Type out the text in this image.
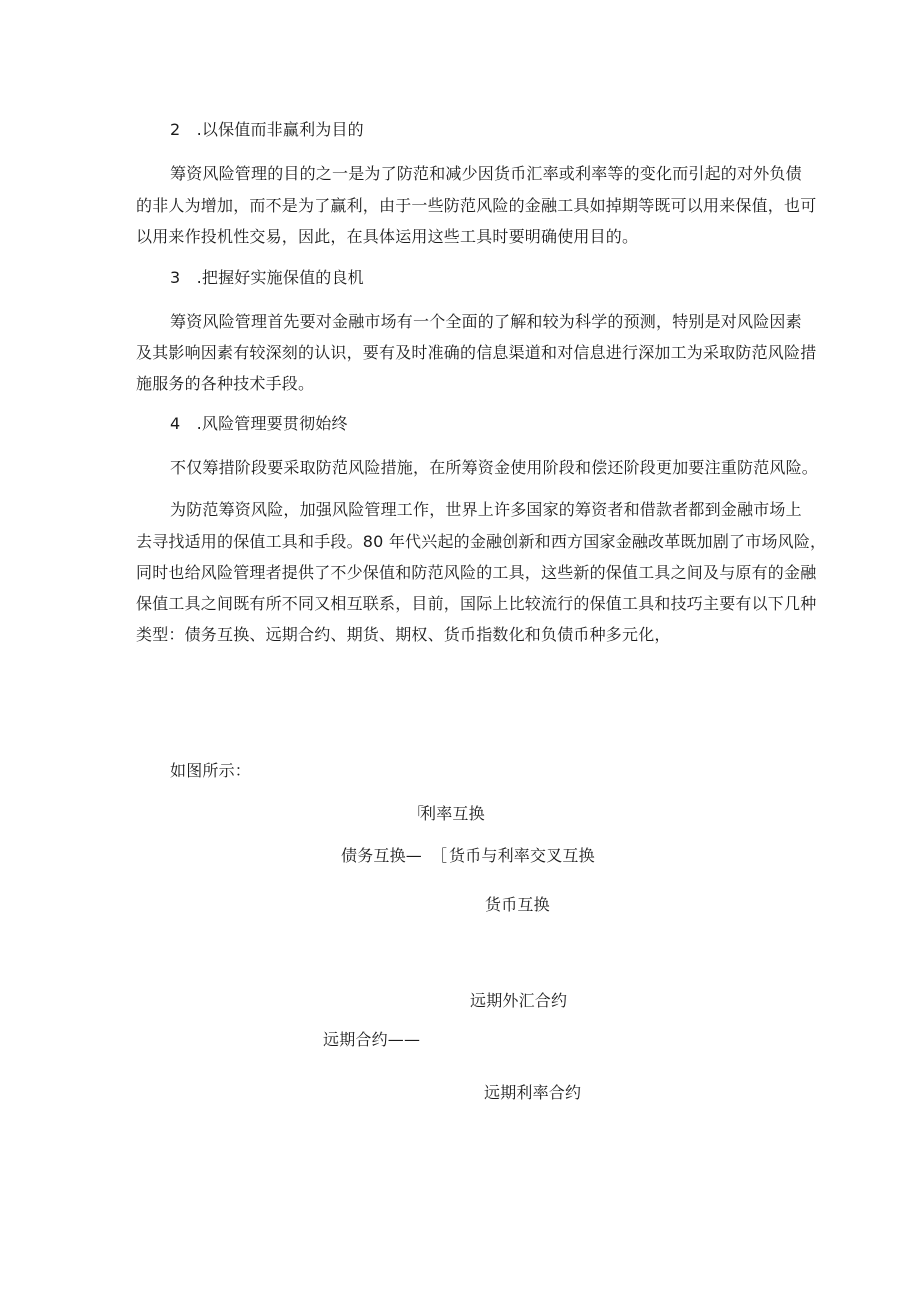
2　.以保值而非赢利为目的
筹资风险管理的目的之一是为了防范和减少因货币汇率或利率等的变化而引起的对外负债
的非人为增加，而不是为了赢利，由于一些防范风险的金融工具如掉期等既可以用来保值，也可
以用来作投机性交易，因此，在具体运用这些工具时要明确使用目的。
3　.把握好实施保值的良机
筹资风险管理首先要对金融市场有一个全面的了解和较为科学的预测，特别是对风险因素
及其影响因素有较深刻的认识，要有及时准确的信息渠道和对信息进行深加工为采取防范风险措
施服务的各种技术手段。
4　.风险管理要贯彻始终
不仅筹措阶段要采取防范风险措施，在所筹资金使用阶段和偿还阶段更加要注重防范风险。
为防范筹资风险，加强风险管理工作，世界上许多国家的筹资者和借款者都到金融市场上
去寻找适用的保值工具和手段。80 年代兴起的金融创新和西方国家金融改革既加剧了市场风险，
同时也给风险管理者提供了不少保值和防范风险的工具，这些新的保值工具之间及与原有的金融
保值工具之间既有所不同又相互联系，目前，国际上比较流行的保值工具和技巧主要有以下几种
类型：债务互换、远期合约、期货、期权、货币指数化和负债币种多元化，
如图所示：
「
利率互换
债务互换— ［ 货币与利率交叉互换
货币互换
远期外汇合约
远期合约——
远期利率合约
